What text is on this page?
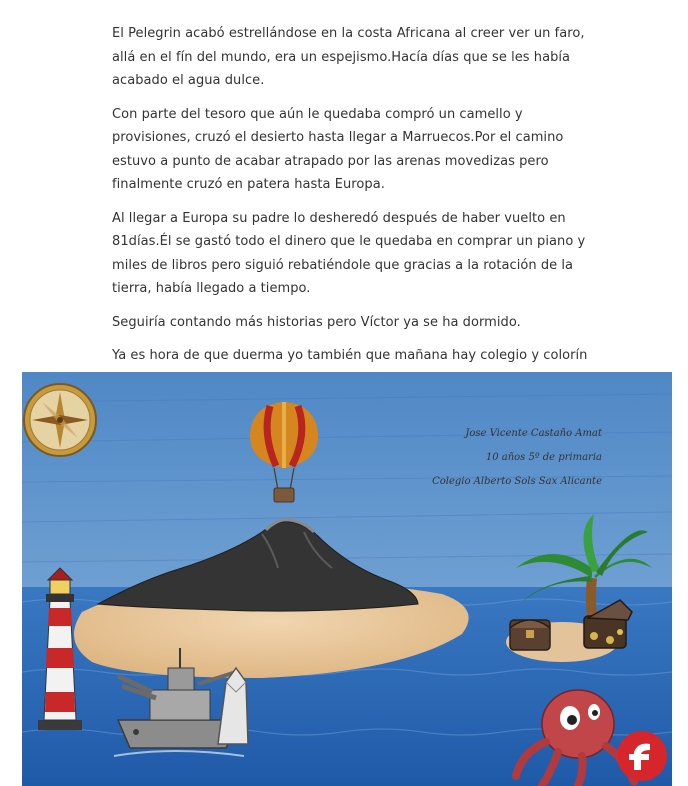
El Pelegrin acabó estrellándose en la costa Africana al creer ver un faro, allá en el fín del mundo, era un espejismo.Hacía días que se les había acabado el agua dulce.

Con parte del tesoro que aún le quedaba compró un camello y provisiones, cruzó el desierto hasta llegar a Marruecos.Por el camino estuvo a punto de acabar atrapado por las arenas movedizas pero finalmente cruzó en patera hasta Europa.

Al llegar a Europa su padre lo desheredó después de haber vuelto en 81días.Él se gastó todo el dinero que le quedaba en comprar un piano y miles de libros pero siguió rebatiéndole que gracias a la rotación de la tierra, había llegado a tiempo.

Seguiría contando más historias pero Víctor ya se ha dormido.

Ya es hora de que duerma yo también que mañana hay colegio y colorín

Jose Vicente Castaño Amat
10 años 5º de primaria
Colegio Alberto Sols Sax Alicante
